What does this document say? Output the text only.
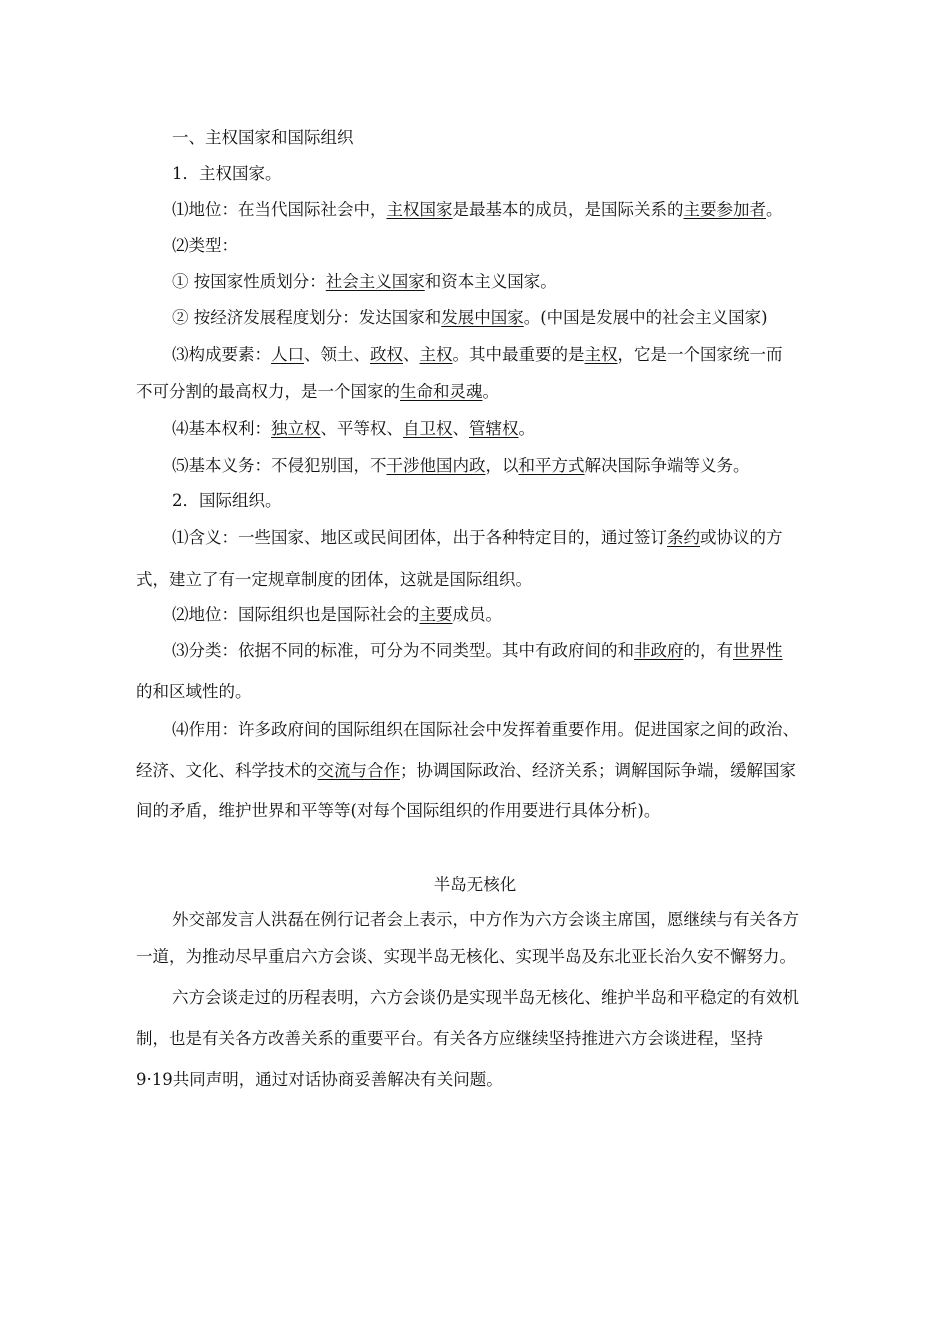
一、主权国家和国际组织
1．主权国家。
⑴地位：在当代国际社会中，主权国家是最基本的成员，是国际关系的主要参加者。
⑵类型：
① 按国家性质划分：社会主义国家和资本主义国家。
② 按经济发展程度划分：发达国家和发展中国家。(中国是发展中的社会主义国家)
⑶构成要素：人口、领土、政权、主权。其中最重要的是主权，它是一个国家统一而
不可分割的最高权力，是一个国家的生命和灵魂。
⑷基本权利：独立权、平等权、自卫权、管辖权。
⑸基本义务：不侵犯别国，不干涉他国内政，以和平方式解决国际争端等义务。
2．国际组织。
⑴含义：一些国家、地区或民间团体，出于各种特定目的，通过签订条约或协议的方
式，建立了有一定规章制度的团体，这就是国际组织。
⑵地位：国际组织也是国际社会的主要成员。
⑶分类：依据不同的标准，可分为不同类型。其中有政府间的和非政府的，有世界性
的和区域性的。
⑷作用：许多政府间的国际组织在国际社会中发挥着重要作用。促进国家之间的政治、
经济、文化、科学技术的交流与合作；协调国际政治、经济关系；调解国际争端，缓解国家
间的矛盾，维护世界和平等等(对每个国际组织的作用要进行具体分析)。
半岛无核化
外交部发言人洪磊在例行记者会上表示，中方作为六方会谈主席国，愿继续与有关各方
一道，为推动尽早重启六方会谈、实现半岛无核化、实现半岛及东北亚长治久安不懈努力。
六方会谈走过的历程表明，六方会谈仍是实现半岛无核化、维护半岛和平稳定的有效机
制，也是有关各方改善关系的重要平台。有关各方应继续坚持推进六方会谈进程，坚持
9·19共同声明，通过对话协商妥善解决有关问题。
